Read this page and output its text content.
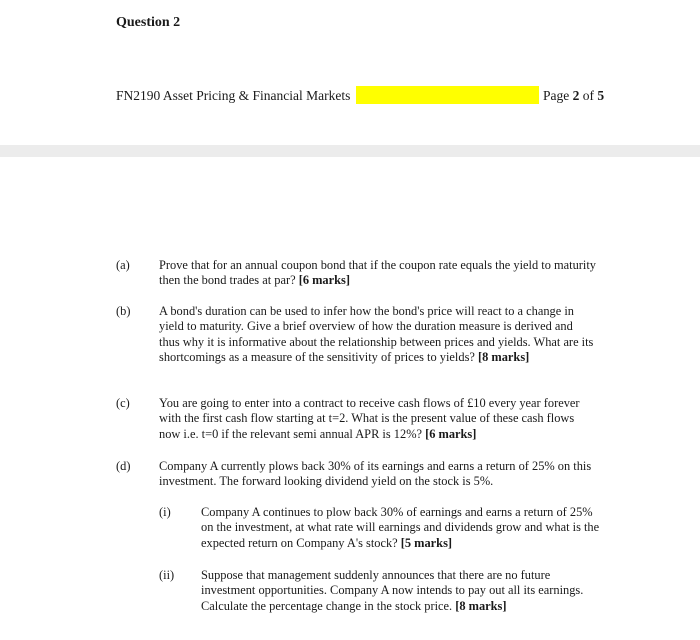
Question 2
FN2190 Asset Pricing & Financial Markets	Page 2 of 5
(a) Prove that for an annual coupon bond that if the coupon rate equals the yield to maturity then the bond trades at par? [6 marks]
(b) A bond's duration can be used to infer how the bond's price will react to a change in yield to maturity. Give a brief overview of how the duration measure is derived and thus why it is informative about the relationship between prices and yields. What are its shortcomings as a measure of the sensitivity of prices to yields? [8 marks]
(c) You are going to enter into a contract to receive cash flows of £10 every year forever with the first cash flow starting at t=2. What is the present value of these cash flows now i.e. t=0 if the relevant semi annual APR is 12%? [6 marks]
(d) Company A currently plows back 30% of its earnings and earns a return of 25% on this investment. The forward looking dividend yield on the stock is 5%.
(i) Company A continues to plow back 30% of earnings and earns a return of 25% on the investment, at what rate will earnings and dividends grow and what is the expected return on Company A's stock? [5 marks]
(ii) Suppose that management suddenly announces that there are no future investment opportunities. Company A now intends to pay out all its earnings. Calculate the percentage change in the stock price. [8 marks]
